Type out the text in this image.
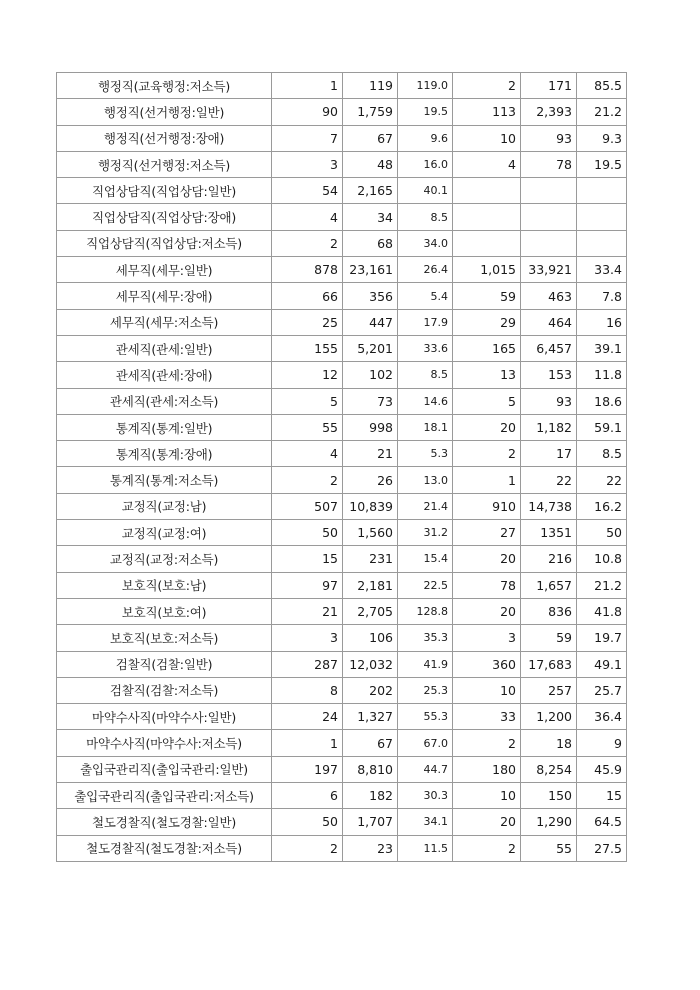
행정직(교육행정:저소득)	1	119	119.0	2	171	85.5
행정직(선거행정:일반)	90	1,759	19.5	113	2,393	21.2
행정직(선거행정:장애)	7	67	9.6	10	93	9.3
행정직(선거행정:저소득)	3	48	16.0	4	78	19.5
직업상담직(직업상담:일반)	54	2,165	40.1			
직업상담직(직업상담:장애)	4	34	8.5			
직업상담직(직업상담:저소득)	2	68	34.0			
세무직(세무:일반)	878	23,161	26.4	1,015	33,921	33.4
세무직(세무:장애)	66	356	5.4	59	463	7.8
세무직(세무:저소득)	25	447	17.9	29	464	16
관세직(관세:일반)	155	5,201	33.6	165	6,457	39.1
관세직(관세:장애)	12	102	8.5	13	153	11.8
관세직(관세:저소득)	5	73	14.6	5	93	18.6
통계직(통계:일반)	55	998	18.1	20	1,182	59.1
통계직(통계:장애)	4	21	5.3	2	17	8.5
통계직(통계:저소득)	2	26	13.0	1	22	22
교정직(교정:남)	507	10,839	21.4	910	14,738	16.2
교정직(교정:여)	50	1,560	31.2	27	1351	50
교정직(교정:저소득)	15	231	15.4	20	216	10.8
보호직(보호:남)	97	2,181	22.5	78	1,657	21.2
보호직(보호:여)	21	2,705	128.8	20	836	41.8
보호직(보호:저소득)	3	106	35.3	3	59	19.7
검찰직(검찰:일반)	287	12,032	41.9	360	17,683	49.1
검찰직(검찰:저소득)	8	202	25.3	10	257	25.7
마약수사직(마약수사:일반)	24	1,327	55.3	33	1,200	36.4
마약수사직(마약수사:저소득)	1	67	67.0	2	18	9
출입국관리직(출입국관리:일반)	197	8,810	44.7	180	8,254	45.9
출입국관리직(출입국관리:저소득)	6	182	30.3	10	150	15
철도경찰직(철도경찰:일반)	50	1,707	34.1	20	1,290	64.5
철도경찰직(철도경찰:저소득)	2	23	11.5	2	55	27.5
